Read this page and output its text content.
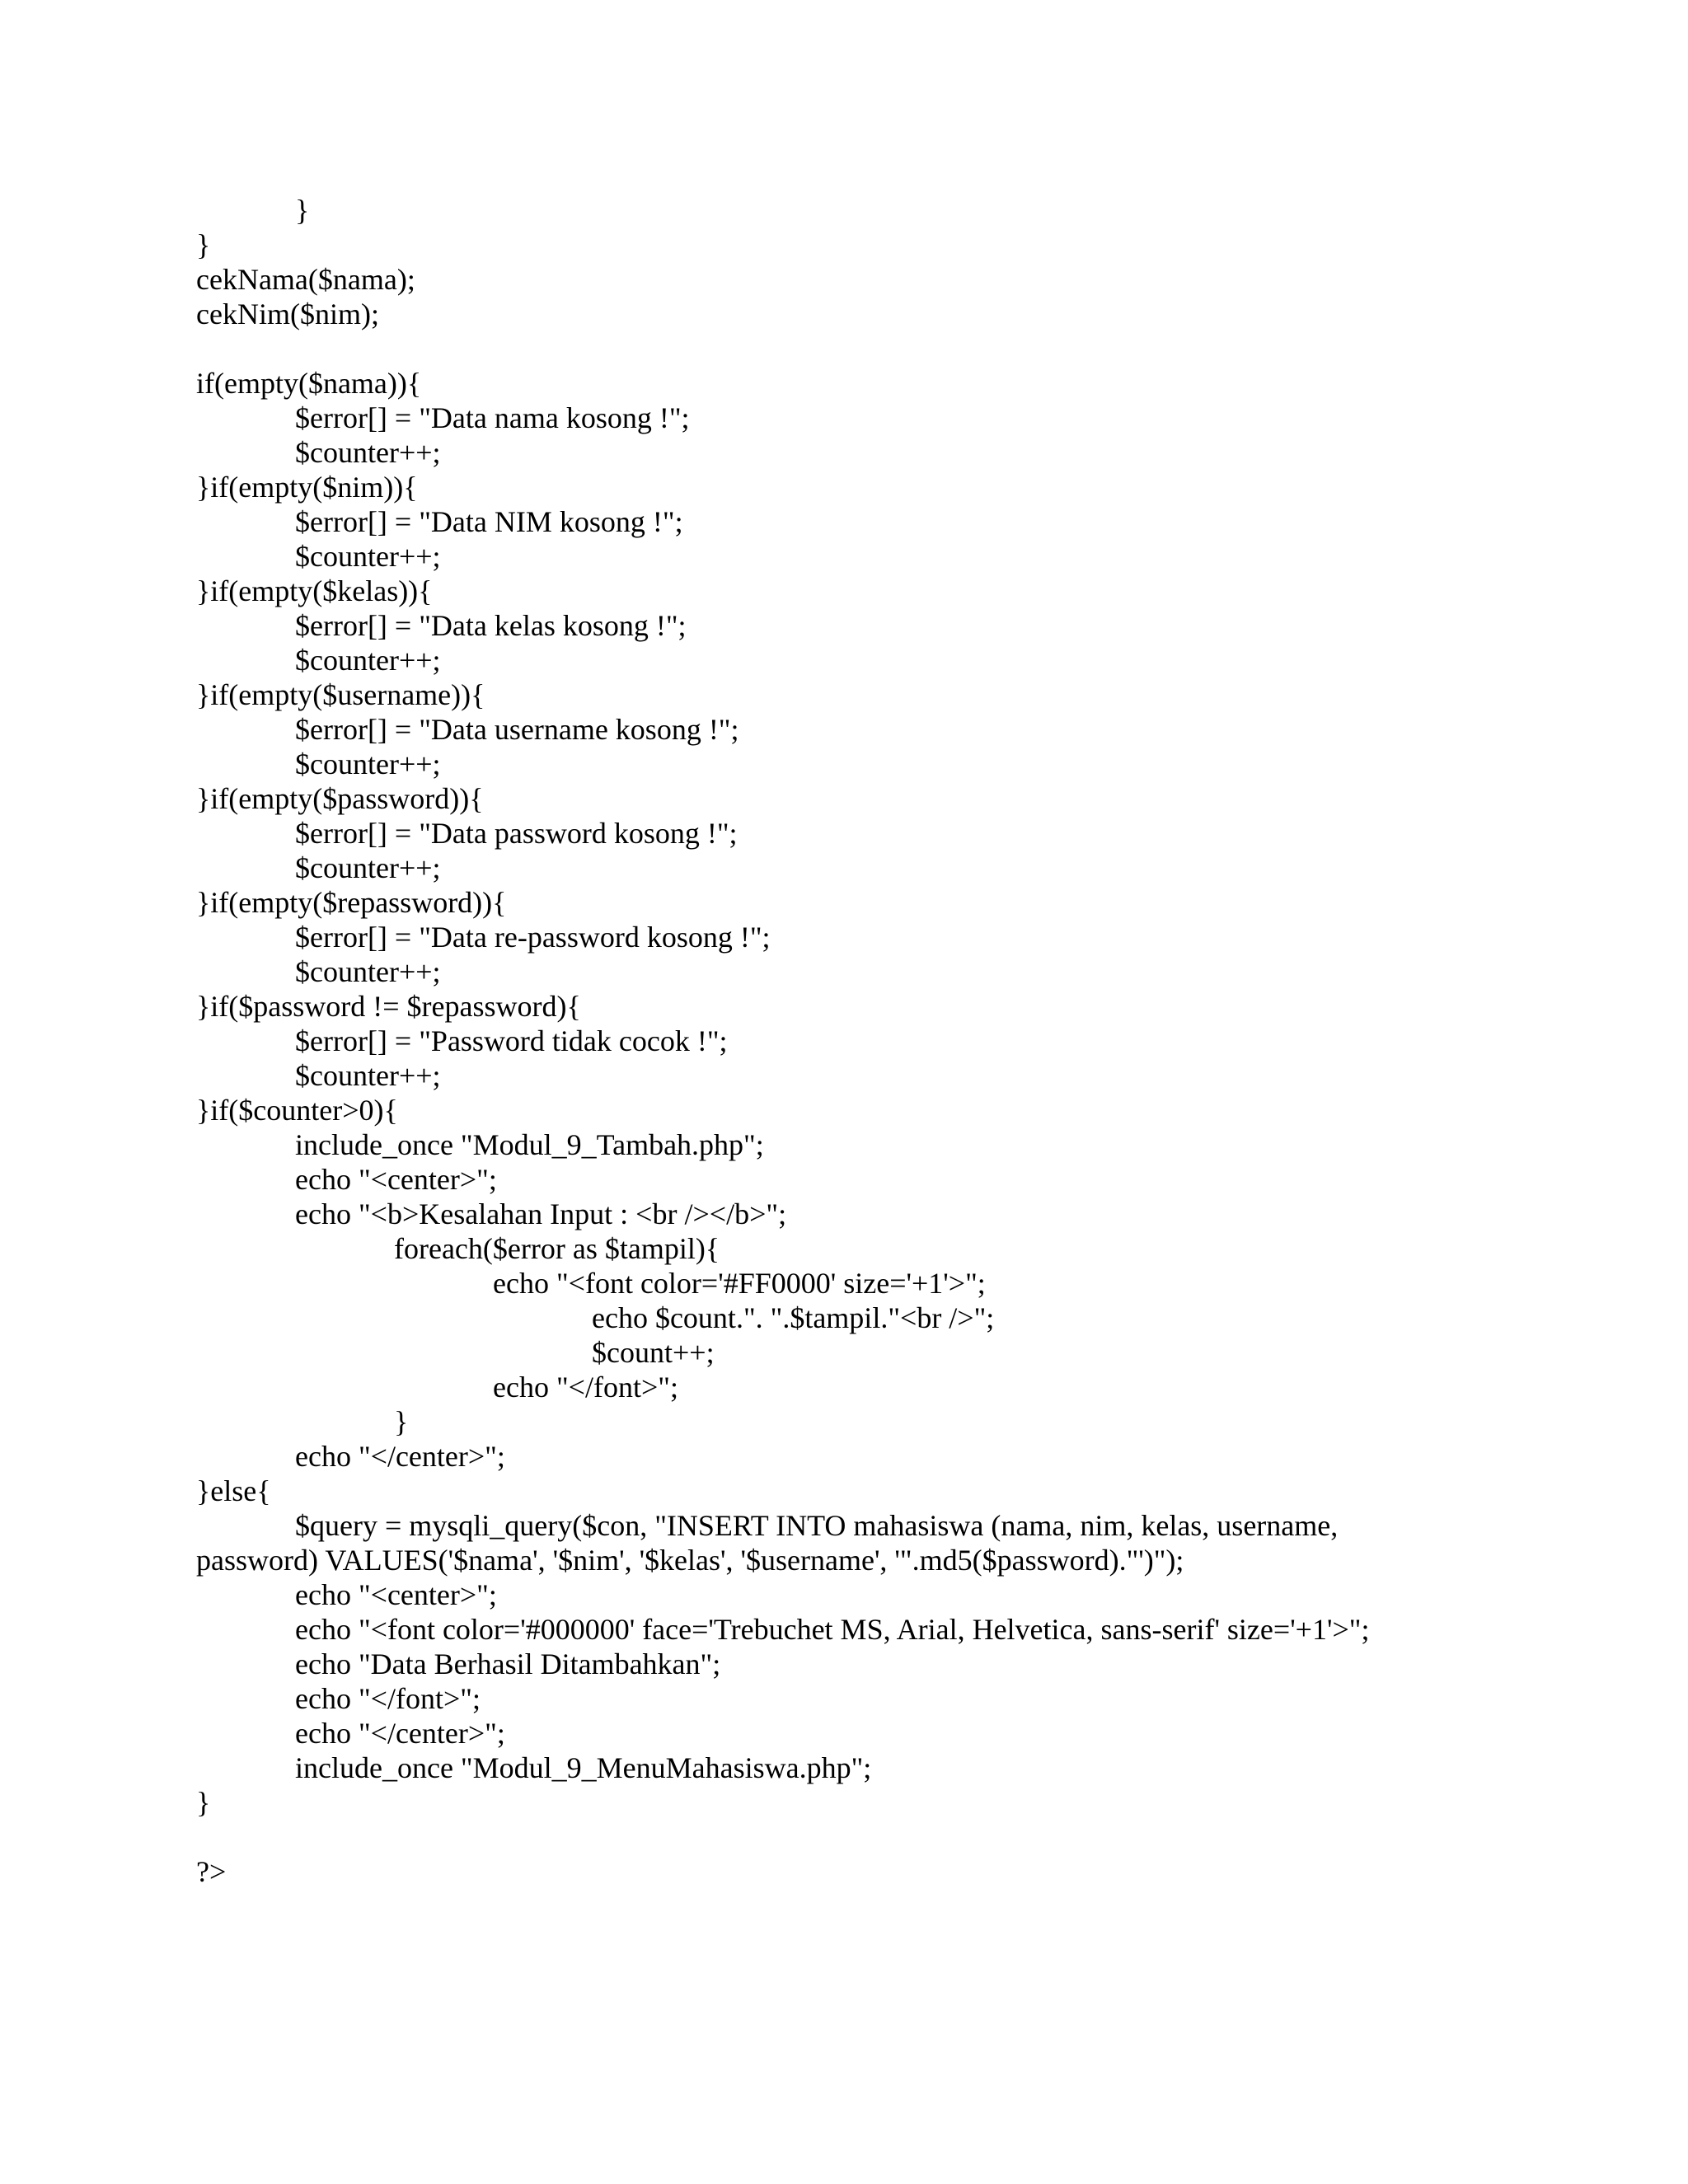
}
}
cekNama($nama);
cekNim($nim);
if(empty($nama)){
$error[] = "Data nama kosong !";
$counter++;
}if(empty($nim)){
$error[] = "Data NIM kosong !";
$counter++;
}if(empty($kelas)){
$error[] = "Data kelas kosong !";
$counter++;
}if(empty($username)){
$error[] = "Data username kosong !";
$counter++;
}if(empty($password)){
$error[] = "Data password kosong !";
$counter++;
}if(empty($repassword)){
$error[] = "Data re-password kosong !";
$counter++;
}if($password != $repassword){
$error[] = "Password tidak cocok !";
$counter++;
}if($counter>0){
include_once "Modul_9_Tambah.php";
echo "<center>";
echo "<b>Kesalahan Input : <br /></b>";
foreach($error as $tampil){
echo "<font color='#FF0000' size='+1'>";
echo $count.". ".$tampil."<br />";
$count++;
echo "</font>";
}
echo "</center>";
}else{
$query = mysqli_query($con, "INSERT INTO mahasiswa (nama, nim, kelas, username,
password) VALUES('$nama', '$nim', '$kelas', '$username', '".md5($password)."')");
echo "<center>";
echo "<font color='#000000' face='Trebuchet MS, Arial, Helvetica, sans-serif' size='+1'>";
echo "Data Berhasil Ditambahkan";
echo "</font>";
echo "</center>";
include_once "Modul_9_MenuMahasiswa.php";
}
?>
